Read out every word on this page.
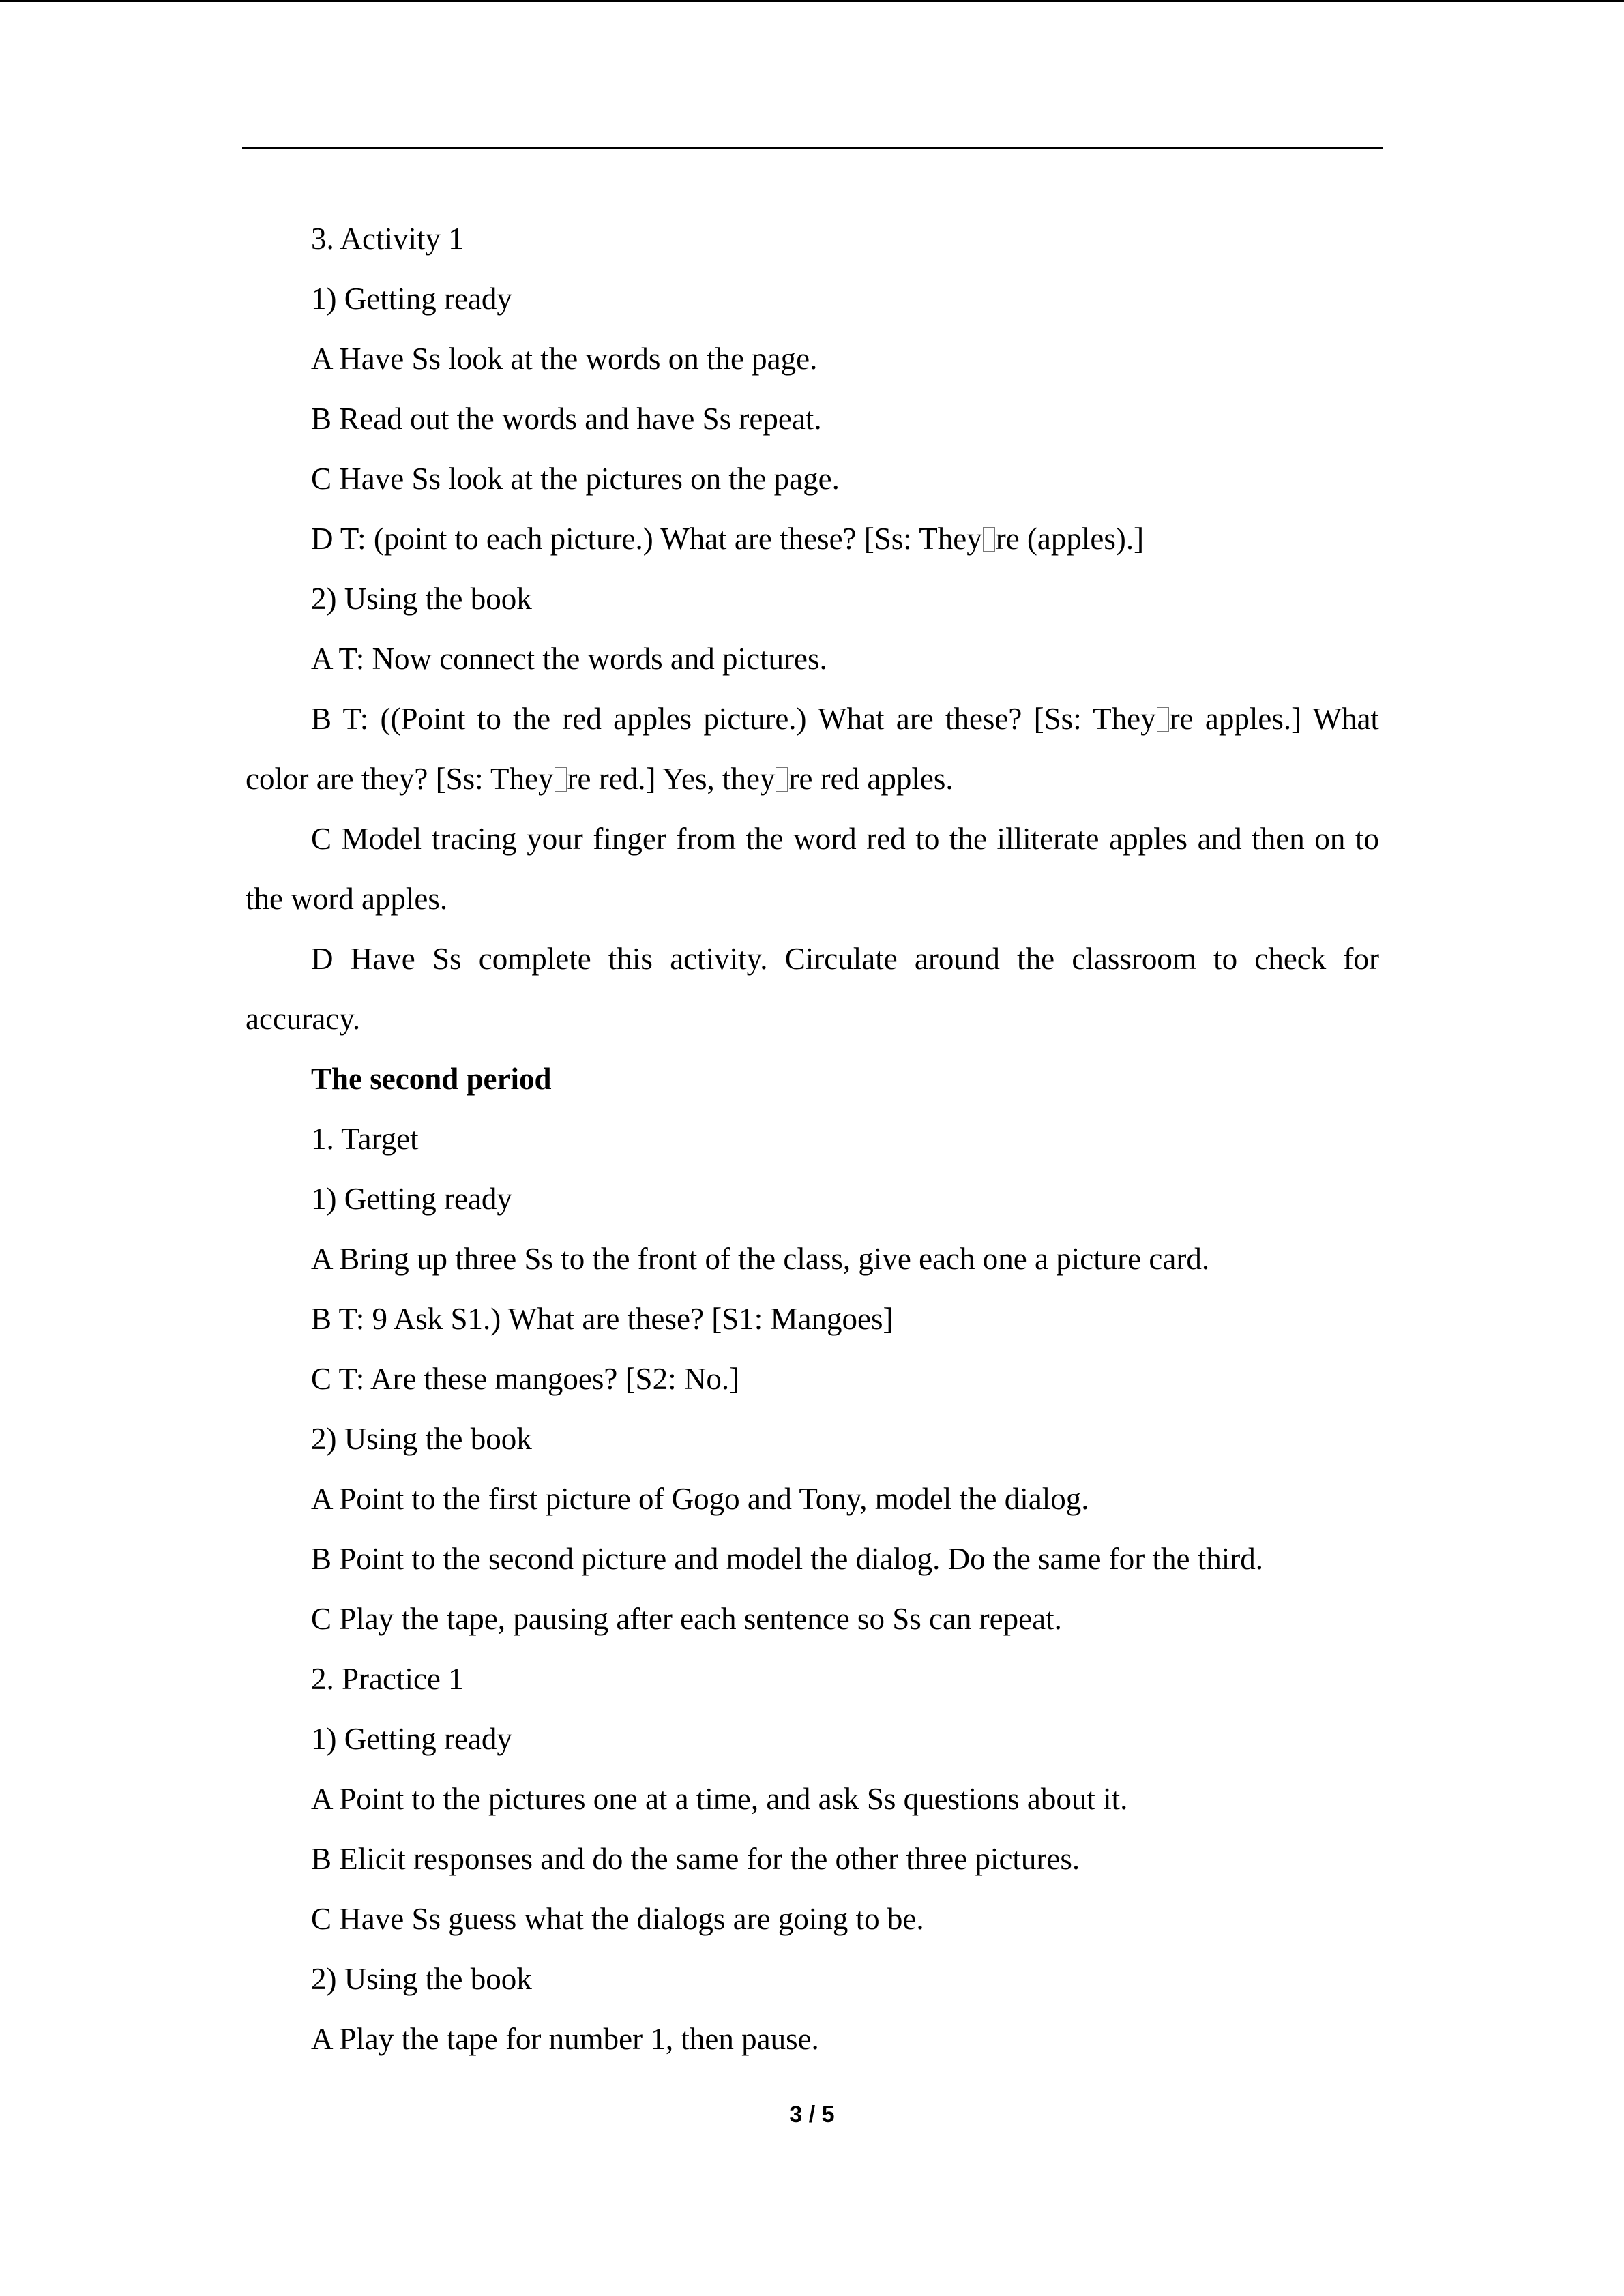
3. Activity 1
1) Getting ready
A Have Ss look at the words on the page.
B Read out the words and have Ss repeat.
C Have Ss look at the pictures on the page.
D T: (point to each picture.) What are these? [Ss: They re (apples).]
2) Using the book
A T: Now connect the words and pictures.

B T: ((Point to the red apples picture.) What are these? [Ss: They re apples.] What color are they? [Ss: They re red.] Yes, they re red apples.

C Model tracing your finger from the word red to the illiterate apples and then on to the word apples.

D Have Ss complete this activity. Circulate around the classroom to check for accuracy.

The second period
1. Target
1) Getting ready
A Bring up three Ss to the front of the class, give each one a picture card.
B T: 9 Ask S1.) What are these? [S1: Mangoes]
C T: Are these mangoes? [S2: No.]
2) Using the book
A Point to the first picture of Gogo and Tony, model the dialog.
B Point to the second picture and model the dialog. Do the same for the third.
C Play the tape, pausing after each sentence so Ss can repeat.
2. Practice 1
1) Getting ready
A Point to the pictures one at a time, and ask Ss questions about it.
B Elicit responses and do the same for the other three pictures.
C Have Ss guess what the dialogs are going to be.
2) Using the book
A Play the tape for number 1, then pause.
3 / 5
